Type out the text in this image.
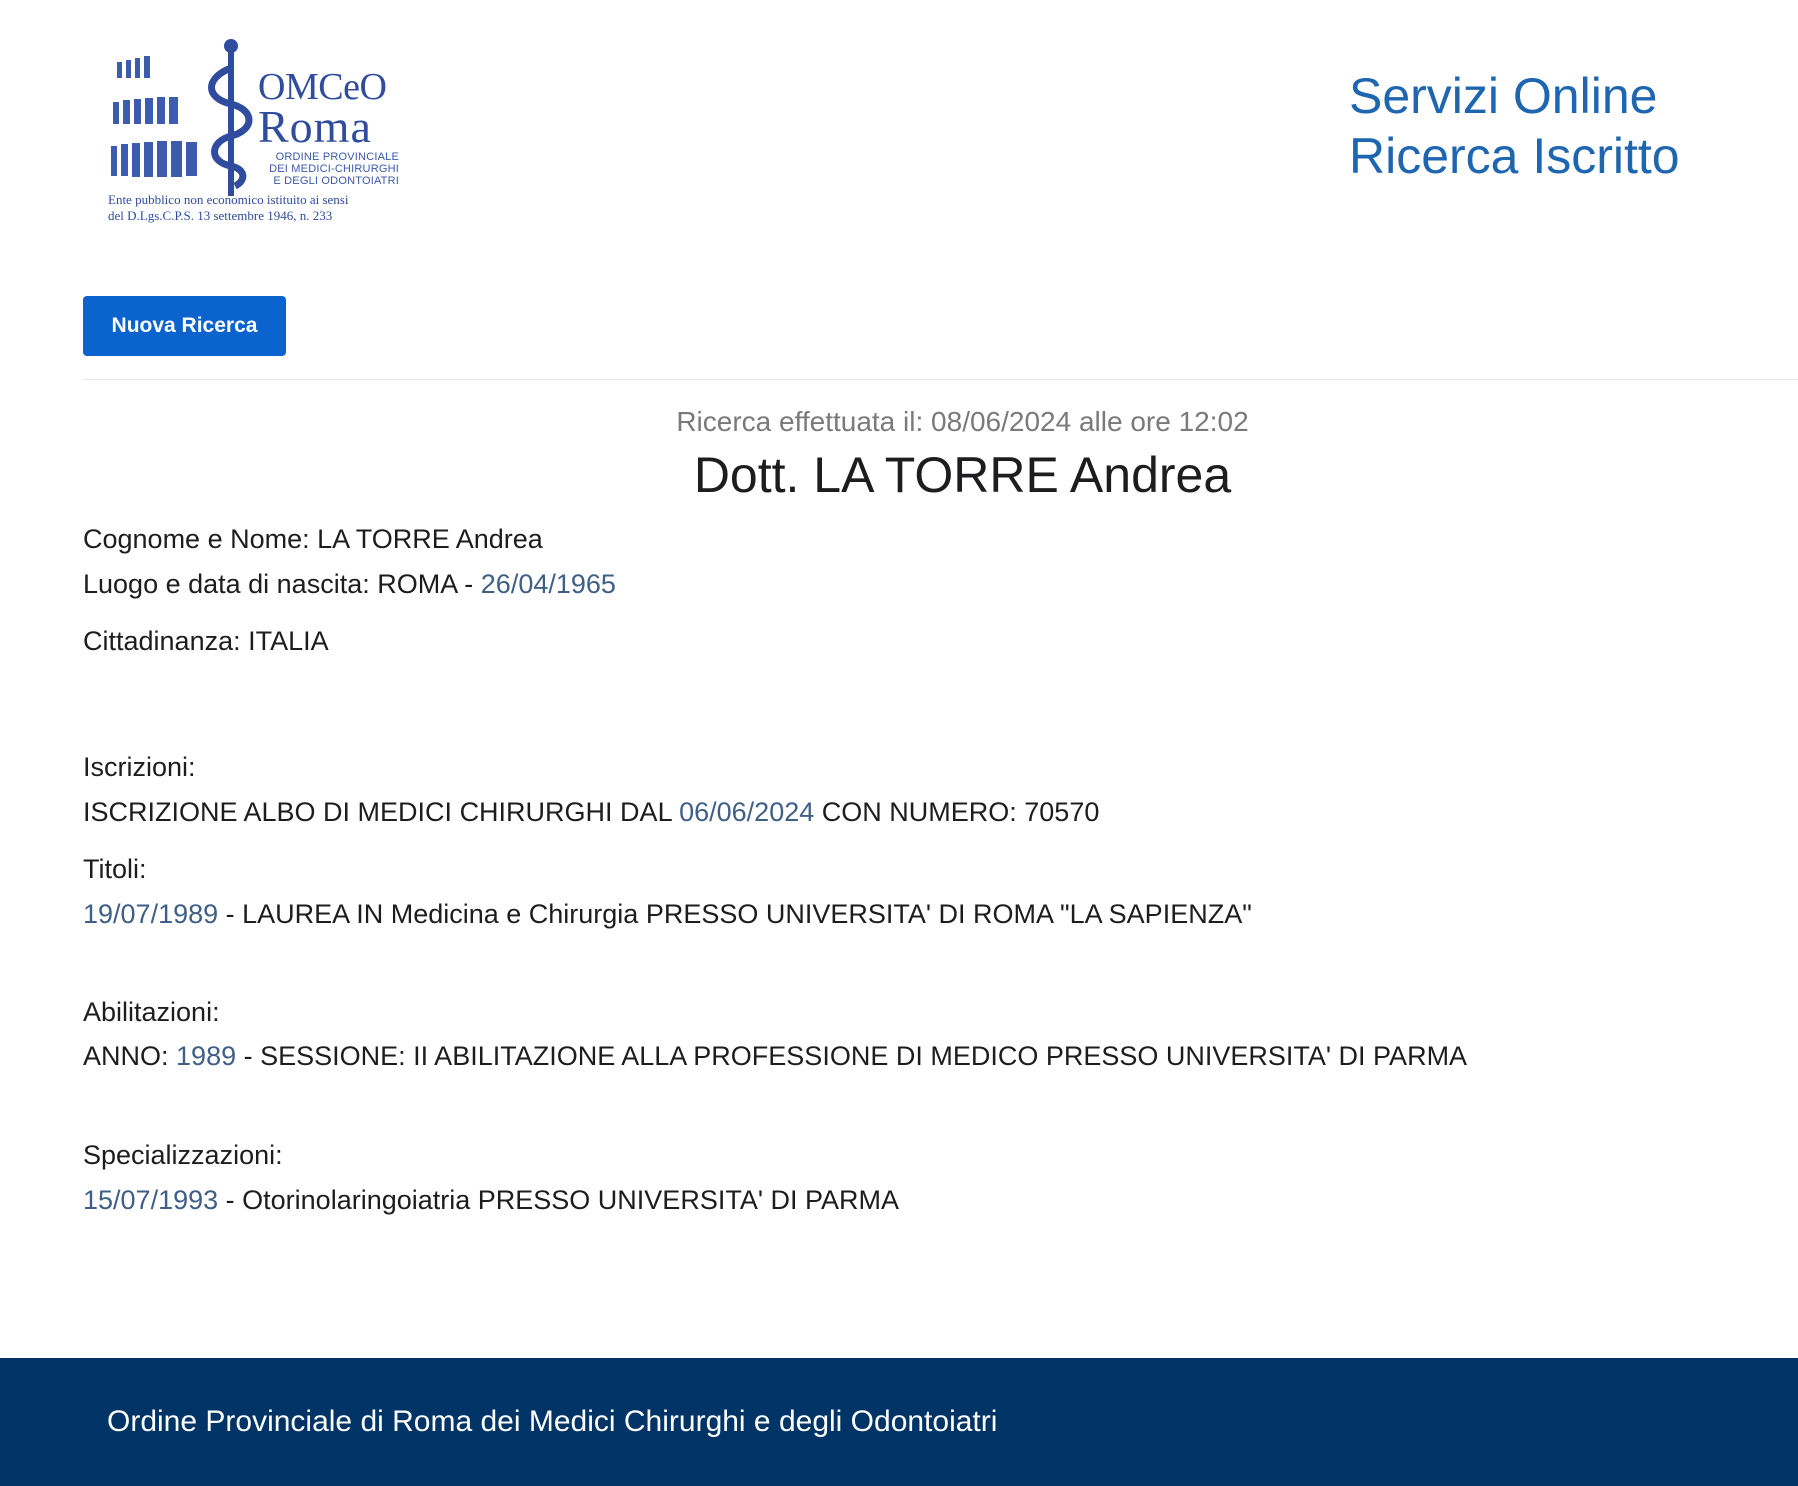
OMCeO
Roma
ORDINE PROVINCIALE
DEI MEDICI-CHIRURGHI
E DEGLI ODONTOIATRI
Ente pubblico non economico istituito ai sensi
del D.Lgs.C.P.S. 13 settembre 1946, n. 233
Servizi Online
Ricerca Iscritto
Nuova Ricerca
Ricerca effettuata il: 08/06/2024 alle ore 12:02
Dott. LA TORRE Andrea
Cognome e Nome: LA TORRE Andrea
Luogo e data di nascita: ROMA - 26/04/1965
Cittadinanza: ITALIA
Iscrizioni:
ISCRIZIONE ALBO DI MEDICI CHIRURGHI DAL 06/06/2024 CON NUMERO: 70570
Titoli:
19/07/1989 - LAUREA IN Medicina e Chirurgia PRESSO UNIVERSITA' DI ROMA "LA SAPIENZA"
Abilitazioni:
ANNO: 1989 - SESSIONE: II ABILITAZIONE ALLA PROFESSIONE DI MEDICO PRESSO UNIVERSITA' DI PARMA
Specializzazioni:
15/07/1993 - Otorinolaringoiatria PRESSO UNIVERSITA' DI PARMA
Ordine Provinciale di Roma dei Medici Chirurghi e degli Odontoiatri
